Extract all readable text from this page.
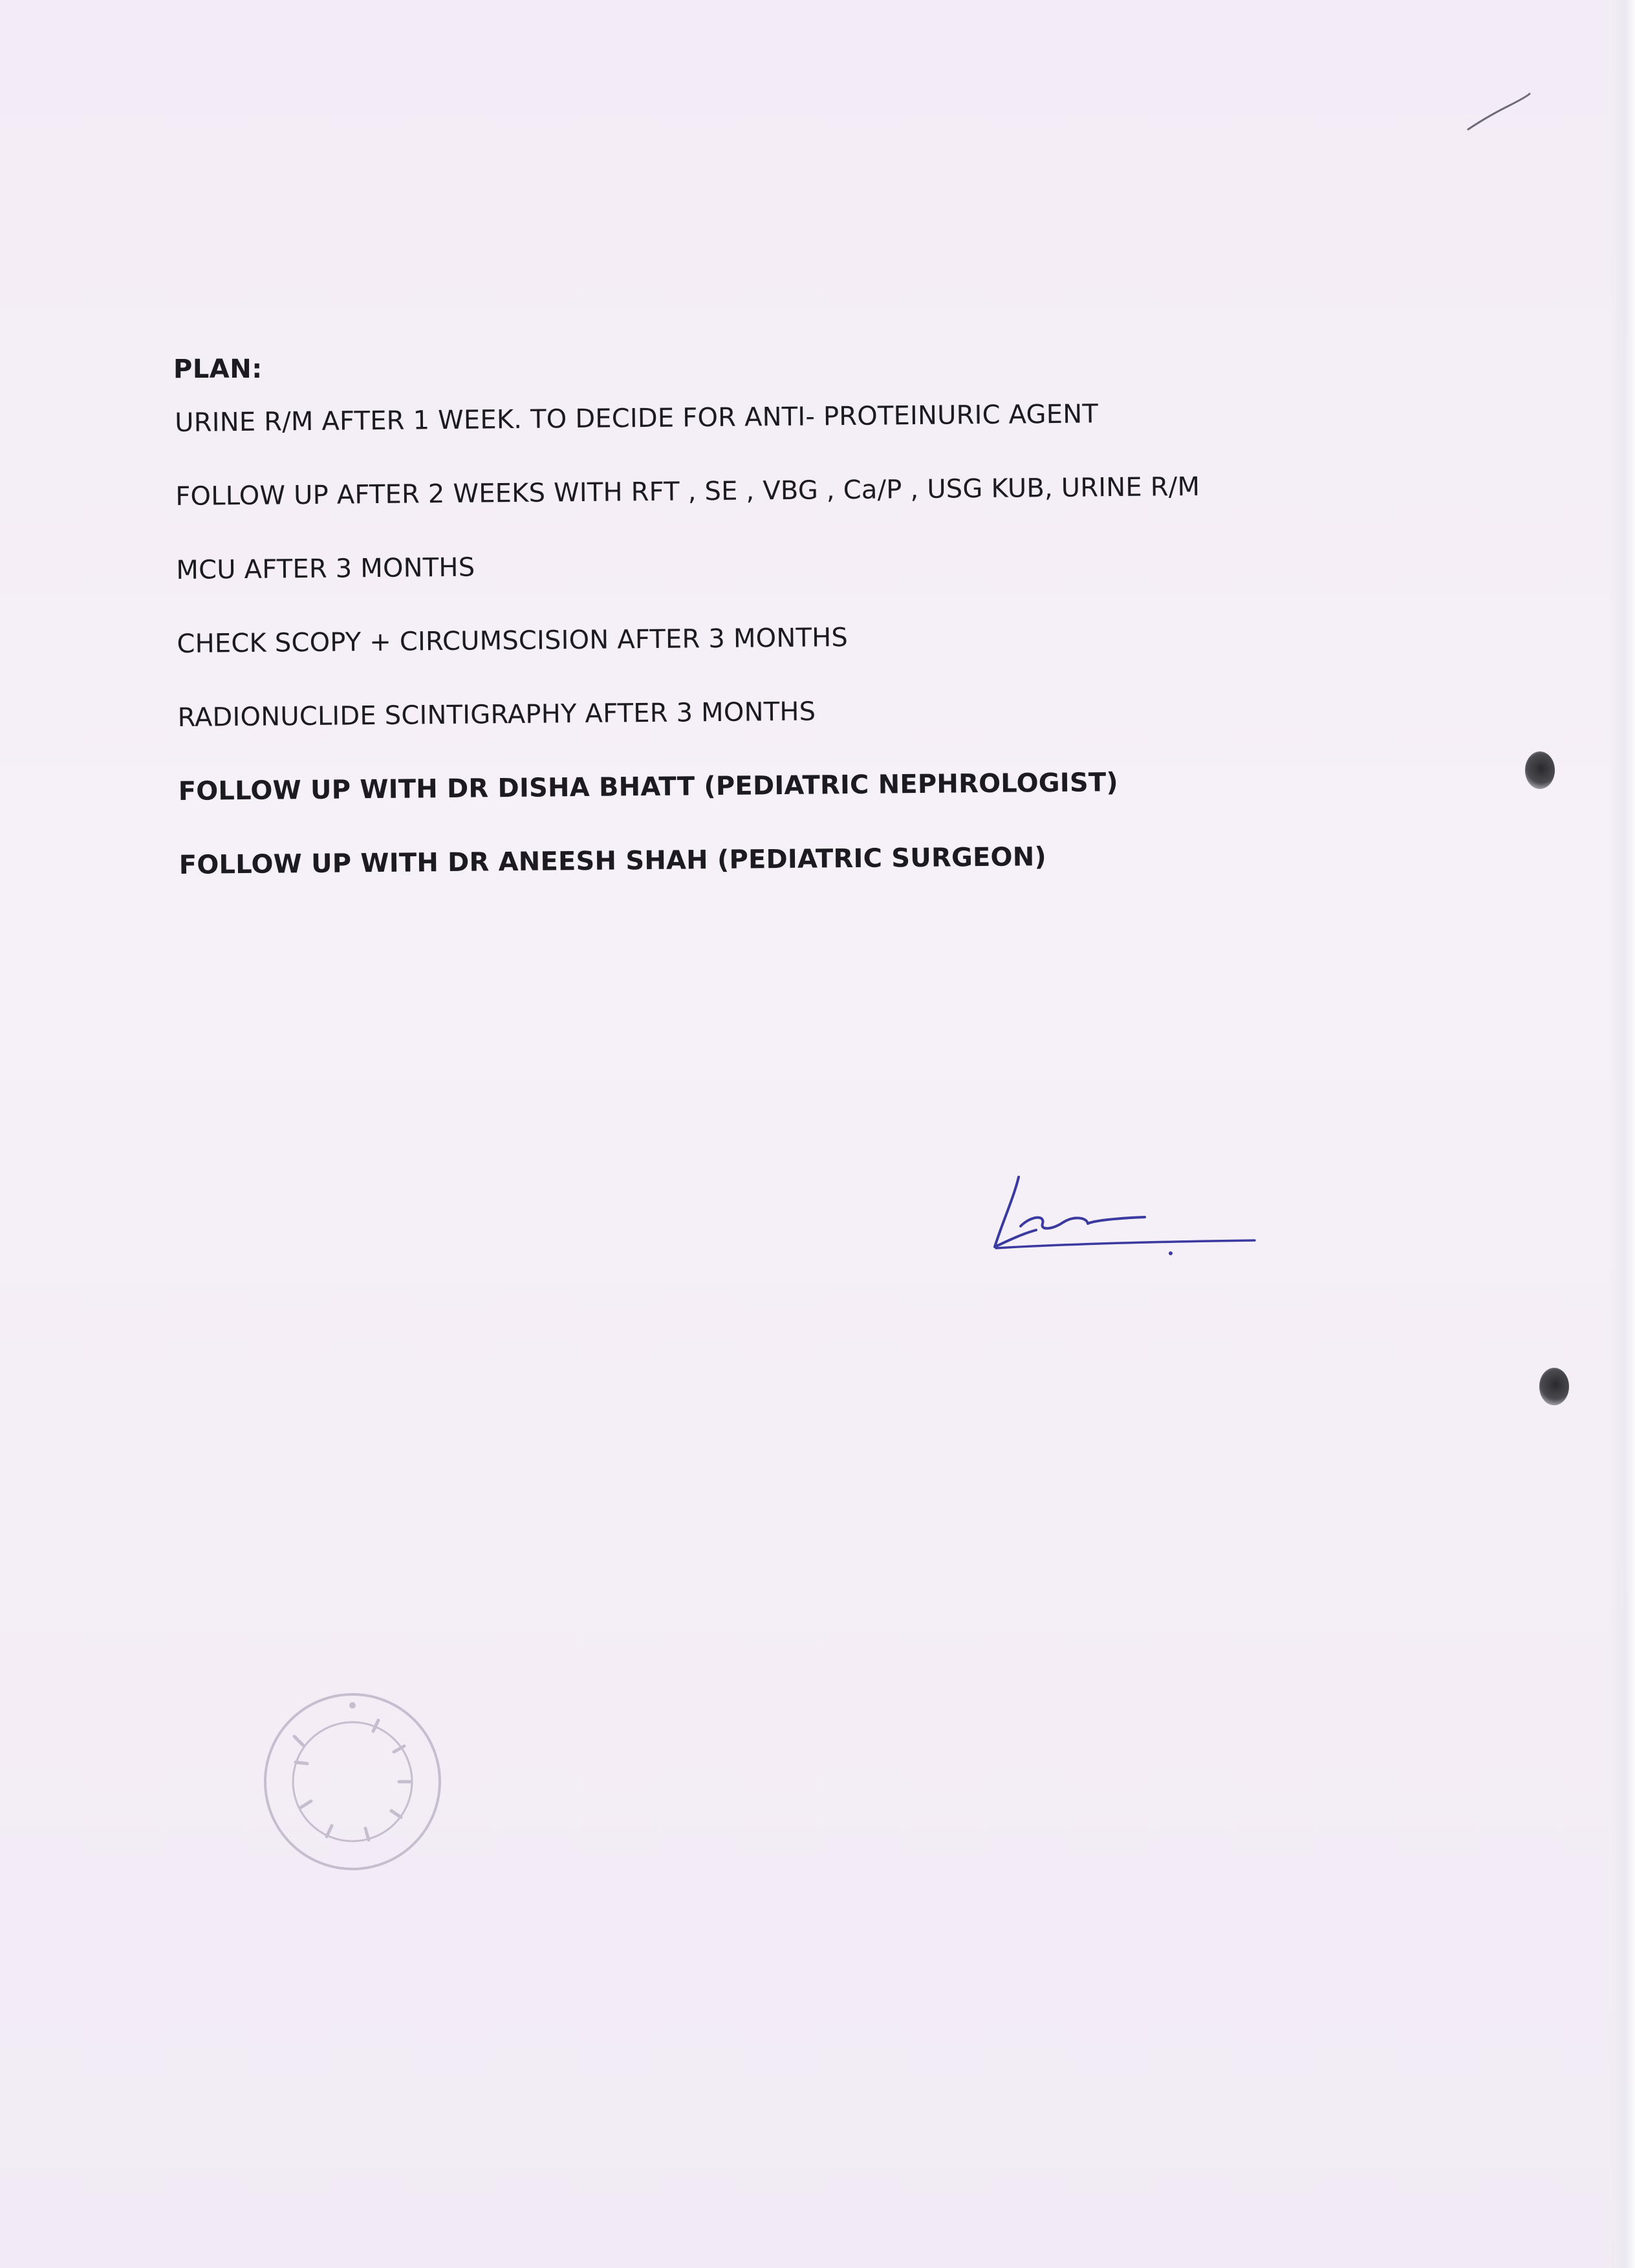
PLAN:
URINE R/M AFTER 1 WEEK. TO DECIDE FOR ANTI- PROTEINURIC AGENT
FOLLOW UP AFTER 2 WEEKS WITH RFT , SE , VBG , Ca/P , USG KUB, URINE R/M
MCU AFTER 3 MONTHS
CHECK SCOPY + CIRCUMSCISION AFTER 3 MONTHS
RADIONUCLIDE SCINTIGRAPHY AFTER 3 MONTHS
FOLLOW UP WITH DR DISHA BHATT (PEDIATRIC NEPHROLOGIST)
FOLLOW UP WITH DR ANEESH SHAH (PEDIATRIC SURGEON)
